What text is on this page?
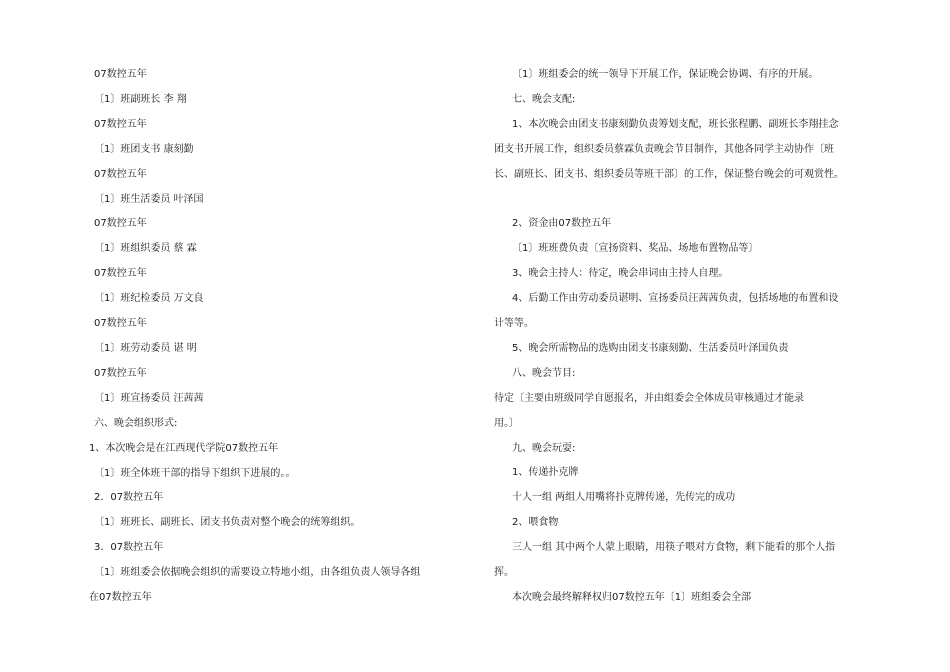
07数控五年
〔1〕班副班长 李 翔
07数控五年
〔1〕班团支书 康刻勤
07数控五年
〔1〕班生活委员 叶泽国
07数控五年
〔1〕班组织委员 蔡 霖
07数控五年
〔1〕班纪检委员 万文良
07数控五年
〔1〕班劳动委员 谌 明
07数控五年
〔1〕班宣扬委员 汪茜茜
六、晚会组织形式:
1、本次晚会是在江西现代学院07数控五年
〔1〕班全体班干部的指导下组织下进展的。。
2．07数控五年
〔1〕班班长、副班长、团支书负责对整个晚会的统筹组织。
3．07数控五年
〔1〕班组委会依据晚会组织的需要设立特地小组，由各组负责人领导各组
在07数控五年
〔1〕班组委会的统一领导下开展工作，保证晚会协调、有序的开展。
七、晚会支配:
1、本次晚会由团支书康刻勤负责筹划支配，班长张程鹏、副班长李翔挂念
团支书开展工作，组织委员蔡霖负责晚会节目制作，其他各同学主动协作〔班
长、副班长、团支书、组织委员等班干部〕的工作，保证整台晚会的可观赏性。
2、资金由07数控五年
〔1〕班班费负责〔宣扬资料、奖品、场地布置物品等〕
3、晚会主持人：待定，晚会串词由主持人自理。
4、后勤工作由劳动委员谌明、宣扬委员汪茜茜负责，包括场地的布置和设
计等等。
5、晚会所需物品的选购由团支书康刻勤、生活委员叶泽国负责
八、晚会节目:
待定〔主要由班级同学自愿报名，并由组委会全体成员审核通过才能录
用。〕
九、晚会玩耍:
1、传递扑克牌
十人一组 两组人用嘴将扑克牌传递，先传完的成功
2、喂食物
三人一组 其中两个人蒙上眼睛，用筷子喂对方食物，剩下能看的那个人指
挥。
本次晚会最终解释权归07数控五年〔1〕班组委会全部
